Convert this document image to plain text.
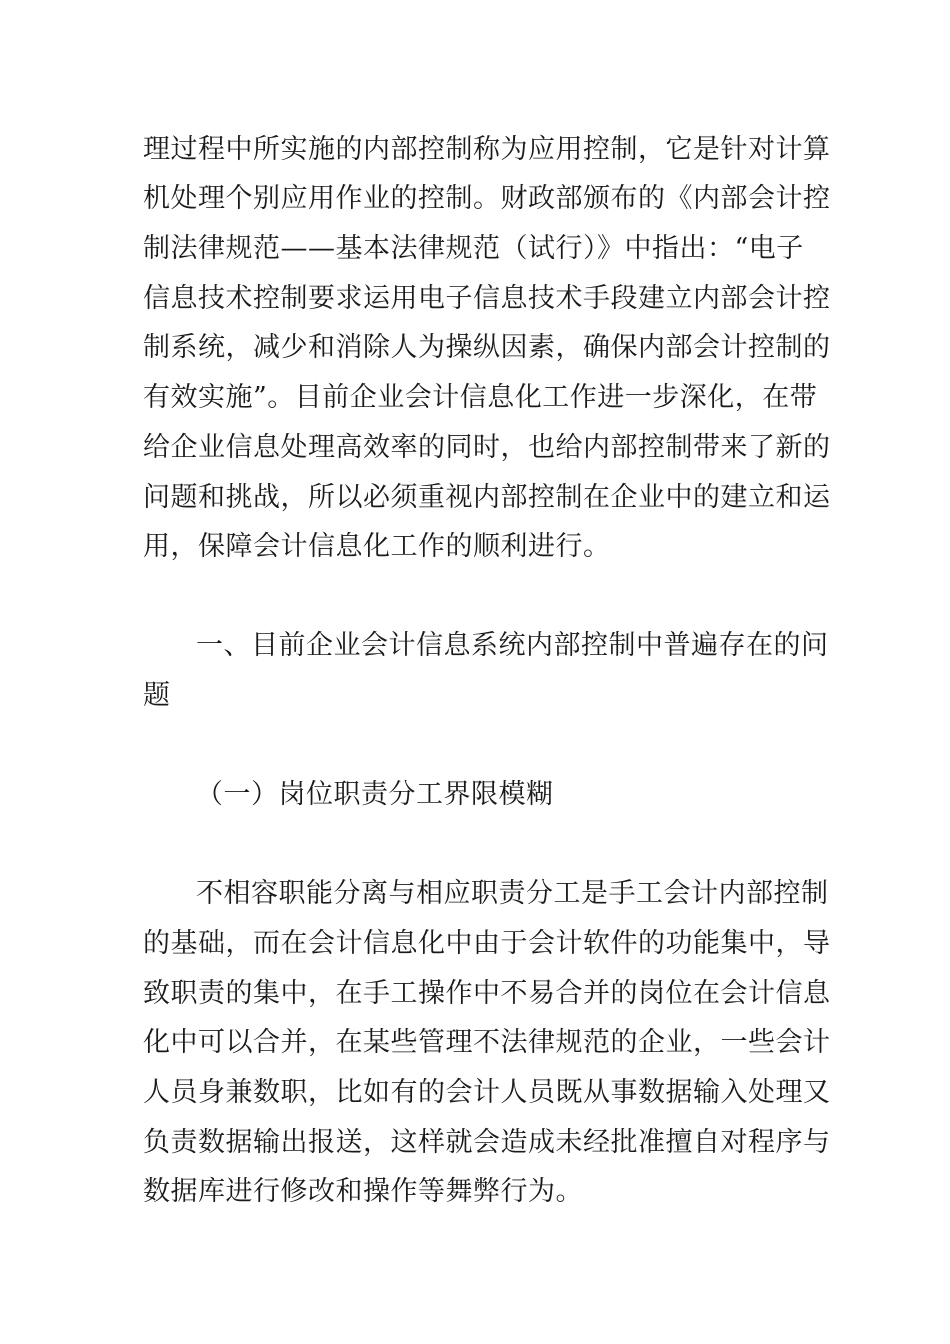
理过程中所实施的内部控制称为应用控制，它是针对计算
机处理个别应用作业的控制。财政部颁布的《内部会计控
制法律规范——基本法律规范（试行）》中指出：“电子
信息技术控制要求运用电子信息技术手段建立内部会计控
制系统，减少和消除人为操纵因素，确保内部会计控制的
有效实施”。目前企业会计信息化工作进一步深化，在带
给企业信息处理高效率的同时，也给内部控制带来了新的
问题和挑战，所以必须重视内部控制在企业中的建立和运
用，保障会计信息化工作的顺利进行。
一、目前企业会计信息系统内部控制中普遍存在的问
题
（一）岗位职责分工界限模糊
不相容职能分离与相应职责分工是手工会计内部控制
的基础，而在会计信息化中由于会计软件的功能集中，导
致职责的集中，在手工操作中不易合并的岗位在会计信息
化中可以合并，在某些管理不法律规范的企业，一些会计
人员身兼数职，比如有的会计人员既从事数据输入处理又
负责数据输出报送，这样就会造成未经批准擅自对程序与
数据库进行修改和操作等舞弊行为。
